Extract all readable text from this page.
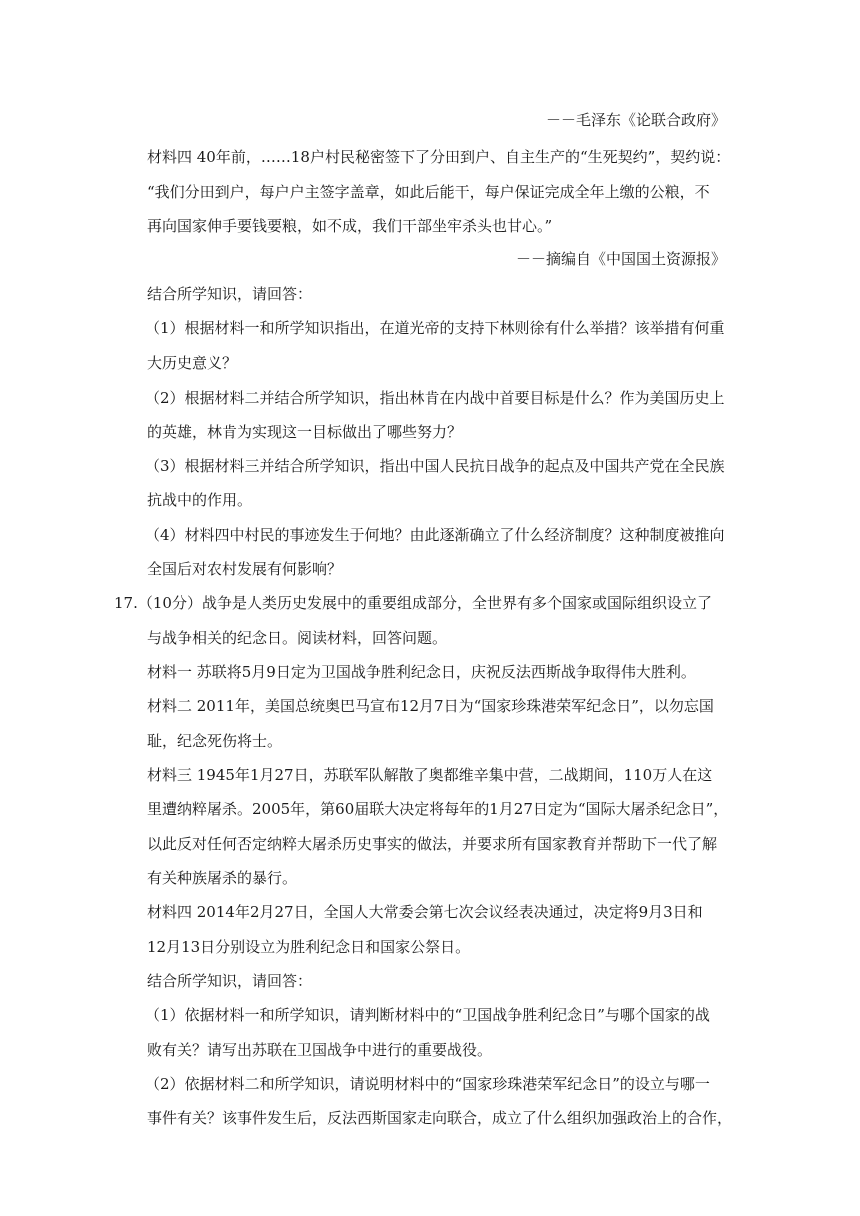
－－毛泽东《论联合政府》
材料四 40年前，……18户村民秘密签下了分田到户、自主生产的“生死契约”，契约说：
“我们分田到户，每户户主签字盖章，如此后能干，每户保证完成全年上缴的公粮，不
再向国家伸手要钱要粮，如不成，我们干部坐牢杀头也甘心。”
－－摘编自《中国国土资源报》
结合所学知识，请回答：
（1）根据材料一和所学知识指出，在道光帝的支持下林则徐有什么举措？该举措有何重
大历史意义？
（2）根据材料二并结合所学知识，指出林肯在内战中首要目标是什么？作为美国历史上
的英雄，林肯为实现这一目标做出了哪些努力？
（3）根据材料三并结合所学知识，指出中国人民抗日战争的起点及中国共产党在全民族
抗战中的作用。
（4）材料四中村民的事迹发生于何地？由此逐渐确立了什么经济制度？这种制度被推向
全国后对农村发展有何影响？
17.（10分）战争是人类历史发展中的重要组成部分，全世界有多个国家或国际组织设立了
与战争相关的纪念日。阅读材料，回答问题。
材料一 苏联将5月9日定为卫国战争胜利纪念日，庆祝反法西斯战争取得伟大胜利。
材料二 2011年，美国总统奥巴马宣布12月7日为“国家珍珠港荣军纪念日”，以勿忘国
耻，纪念死伤将士。
材料三 1945年1月27日，苏联军队解散了奥都维辛集中营，二战期间，110万人在这
里遭纳粹屠杀。2005年，第60届联大决定将每年的1月27日定为“国际大屠杀纪念日”，
以此反对任何否定纳粹大屠杀历史事实的做法，并要求所有国家教育并帮助下一代了解
有关种族屠杀的暴行。
材料四 2014年2月27日，全国人大常委会第七次会议经表决通过，决定将9月3日和
12月13日分别设立为胜利纪念日和国家公祭日。
结合所学知识，请回答：
（1）依据材料一和所学知识，请判断材料中的“卫国战争胜利纪念日”与哪个国家的战
败有关？请写出苏联在卫国战争中进行的重要战役。
（2）依据材料二和所学知识，请说明材料中的“国家珍珠港荣军纪念日”的设立与哪一
事件有关？该事件发生后，反法西斯国家走向联合，成立了什么组织加强政治上的合作，
